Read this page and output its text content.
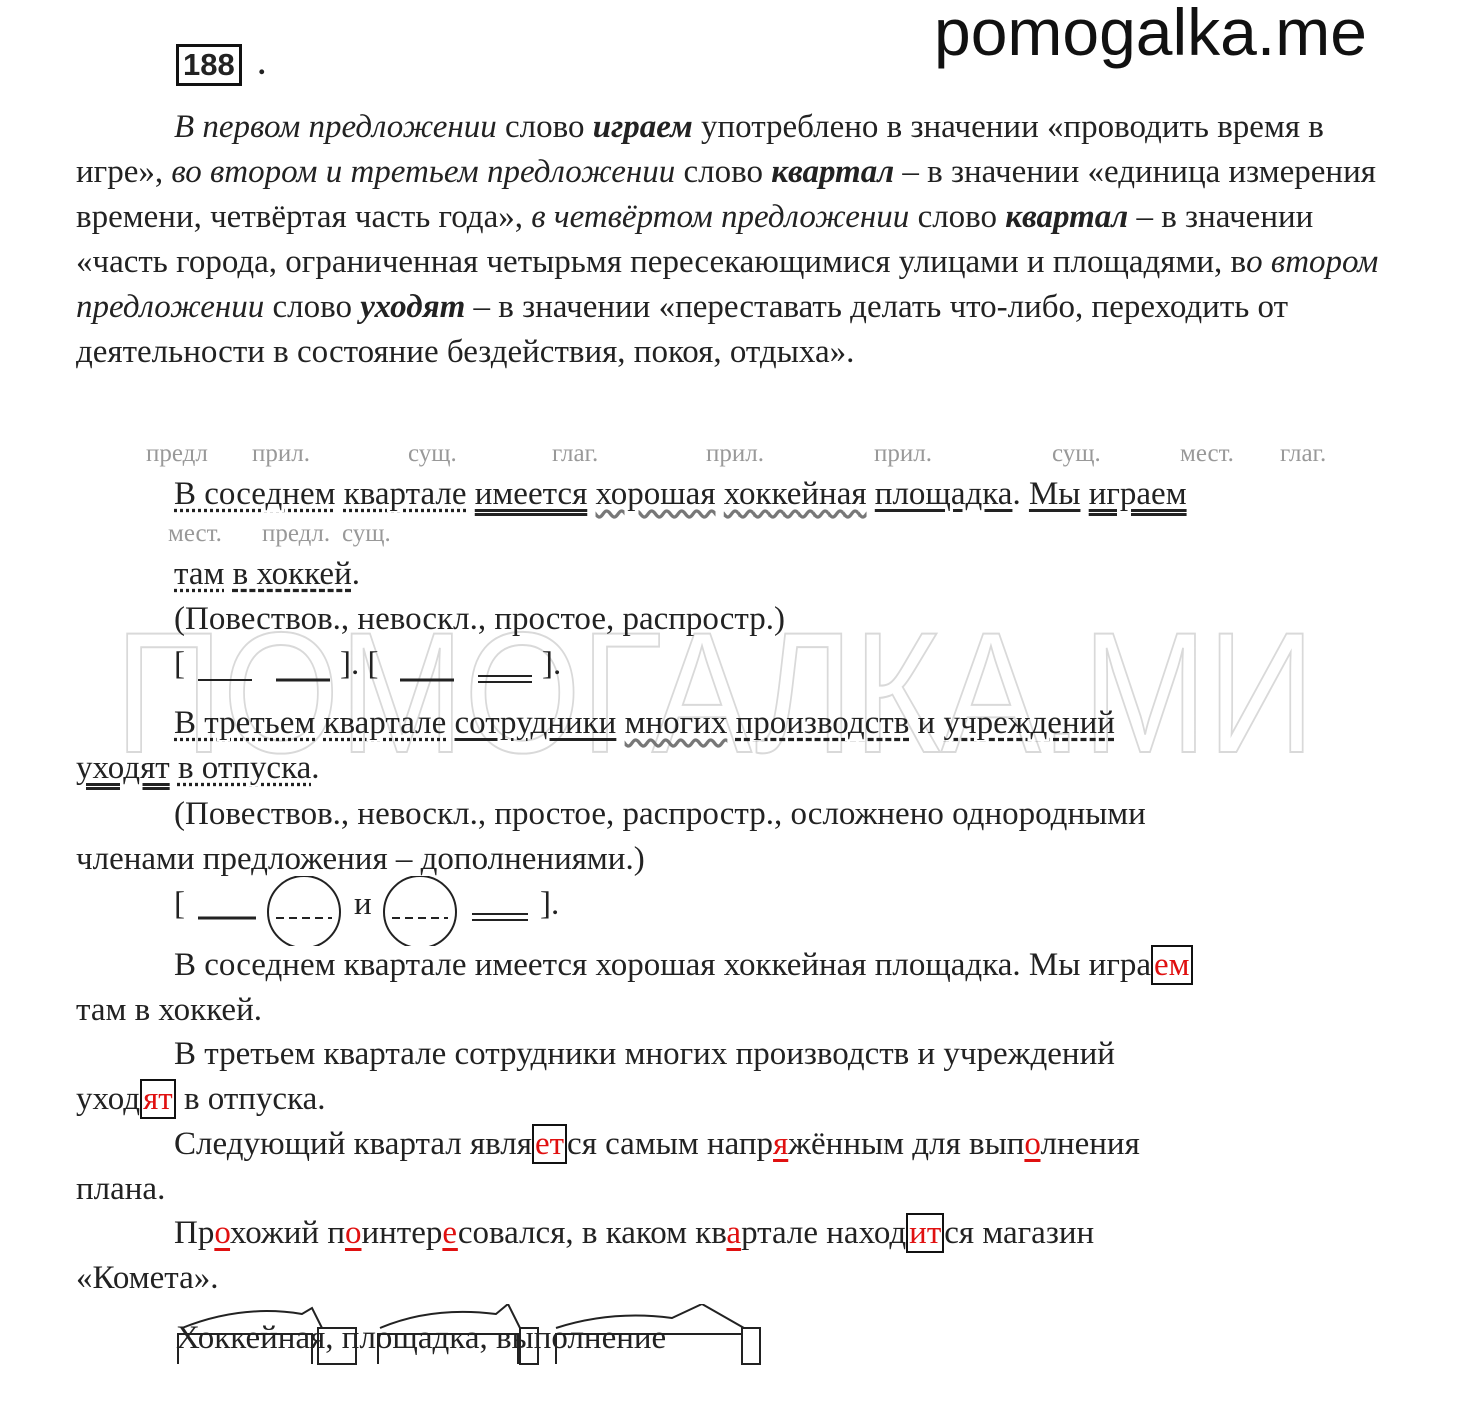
pomogalka.me
188 .

В первом предложении слово играем употреблено в значении «проводить время в игре», во втором и третьем предложении слово квартал – в значении «единица измерения времени, четвёртая часть года», в четвёртом предложении слово квартал – в значении «часть города, ограниченная четырьмя пересекающимися улицами и площадями, во втором предложении слово уходят – в значении «переставать делать что-либо, переходить от деятельности в состояние бездействия, покоя, отдыха».

ПОМОГАЛКА.МИ
предл прил.	сущ.	глаг.	прил.	прил.	сущ.	мест. глаг.
В соседнем квартале имеется хорошая хоккейная площадка. Мы играем
мест. предл. сущ.
там в хоккей.
(Повествов., невоскл., простое, распростр.)
[	]. [	].
В третьем квартале сотрудники многих производств и учреждений
уходят в отпуска.
(Повествов., невоскл., простое, распростр., осложнено однородными
членами предложения – дополнениями.)
[	и	].
В соседнем квартале имеется хорошая хоккейная площадка. Мы играем
там в хоккей.
В третьем квартале сотрудники многих производств и учреждений
уходят в отпуска.
Следующий квартал является самым напряжённым для выполнения
плана.
Прохожий поинтересовался, в каком квартале находится магазин
«Комета».
Хоккейная, площадка, выполнение
